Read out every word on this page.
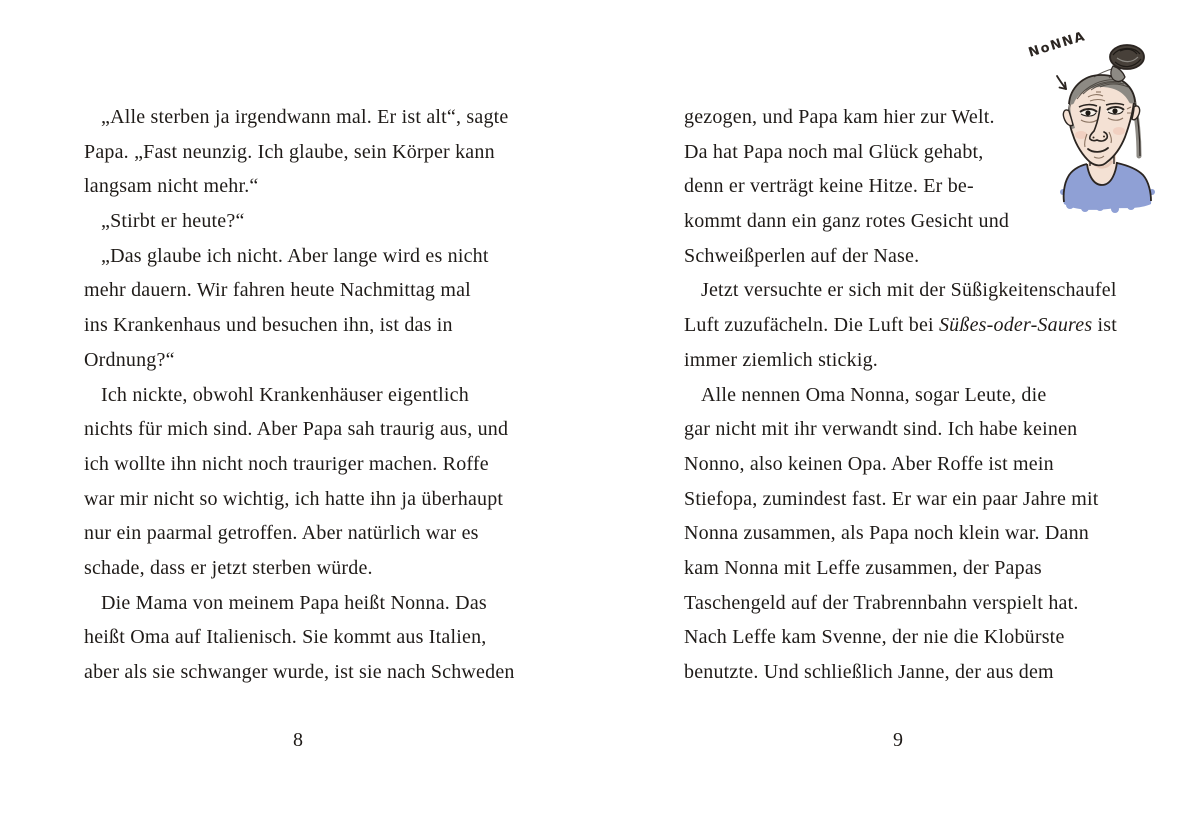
„Alle sterben ja irgendwann mal. Er ist alt“, sagte
Papa. „Fast neunzig. Ich glaube, sein Körper kann
langsam nicht mehr.“
„Stirbt er heute?“
„Das glaube ich nicht. Aber lange wird es nicht
mehr dauern. Wir fahren heute Nachmittag mal
ins Krankenhaus und besuchen ihn, ist das in
Ordnung?“
Ich nickte, obwohl Krankenhäuser eigentlich
nichts für mich sind. Aber Papa sah traurig aus, und
ich wollte ihn nicht noch trauriger machen. Roffe
war mir nicht so wichtig, ich hatte ihn ja überhaupt
nur ein paarmal getroffen. Aber natürlich war es
schade, dass er jetzt sterben würde.
Die Mama von meinem Papa heißt Nonna. Das
heißt Oma auf Italienisch. Sie kommt aus Italien,
aber als sie schwanger wurde, ist sie nach Schweden
8
gezogen, und Papa kam hier zur Welt.
Da hat Papa noch mal Glück gehabt,
denn er verträgt keine Hitze. Er be-
kommt dann ein ganz rotes Gesicht und
Schweißperlen auf der Nase.
Jetzt versuchte er sich mit der Süßigkeitenschaufel
Luft zuzufächeln. Die Luft bei Süßes-oder-Saures ist
immer ziemlich stickig.
Alle nennen Oma Nonna, sogar Leute, die
gar nicht mit ihr verwandt sind. Ich habe keinen
Nonno, also keinen Opa. Aber Roffe ist mein
Stiefopa, zumindest fast. Er war ein paar Jahre mit
Nonna zusammen, als Papa noch klein war. Dann
kam Nonna mit Leffe zusammen, der Papas
Taschengeld auf der Trabrennbahn verspielt hat.
Nach Leffe kam Svenne, der nie die Klobürste
benutzte. Und schließlich Janne, der aus dem
9
NoNNA
